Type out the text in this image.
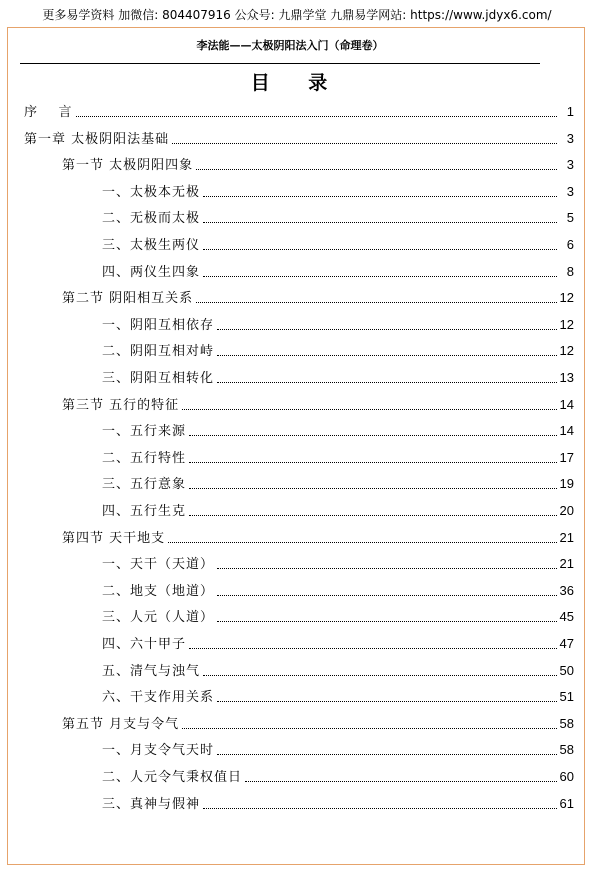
更多易学资料 加微信: 804407916 公众号: 九鼎学堂 九鼎易学网站: https://www.jdyx6.com/
李法能——太极阴阳法入门（命理卷）
目 录
序    言	1
第一章 太极阴阳法基础	3
第一节 太极阴阳四象	3
一、太极本无极	3
二、无极而太极	5
三、太极生两仪	6
四、两仪生四象	8
第二节 阴阳相互关系	12
一、阴阳互相依存	12
二、阴阳互相对峙	12
三、阴阳互相转化	13
第三节 五行的特征	14
一、五行来源	14
二、五行特性	17
三、五行意象	19
四、五行生克	20
第四节 天干地支	21
一、天干（天道）	21
二、地支（地道）	36
三、人元（人道）	45
四、六十甲子	47
五、清气与浊气	50
六、干支作用关系	51
第五节 月支与令气	58
一、月支令气天时	58
二、人元令气秉权值日	60
三、真神与假神	61
